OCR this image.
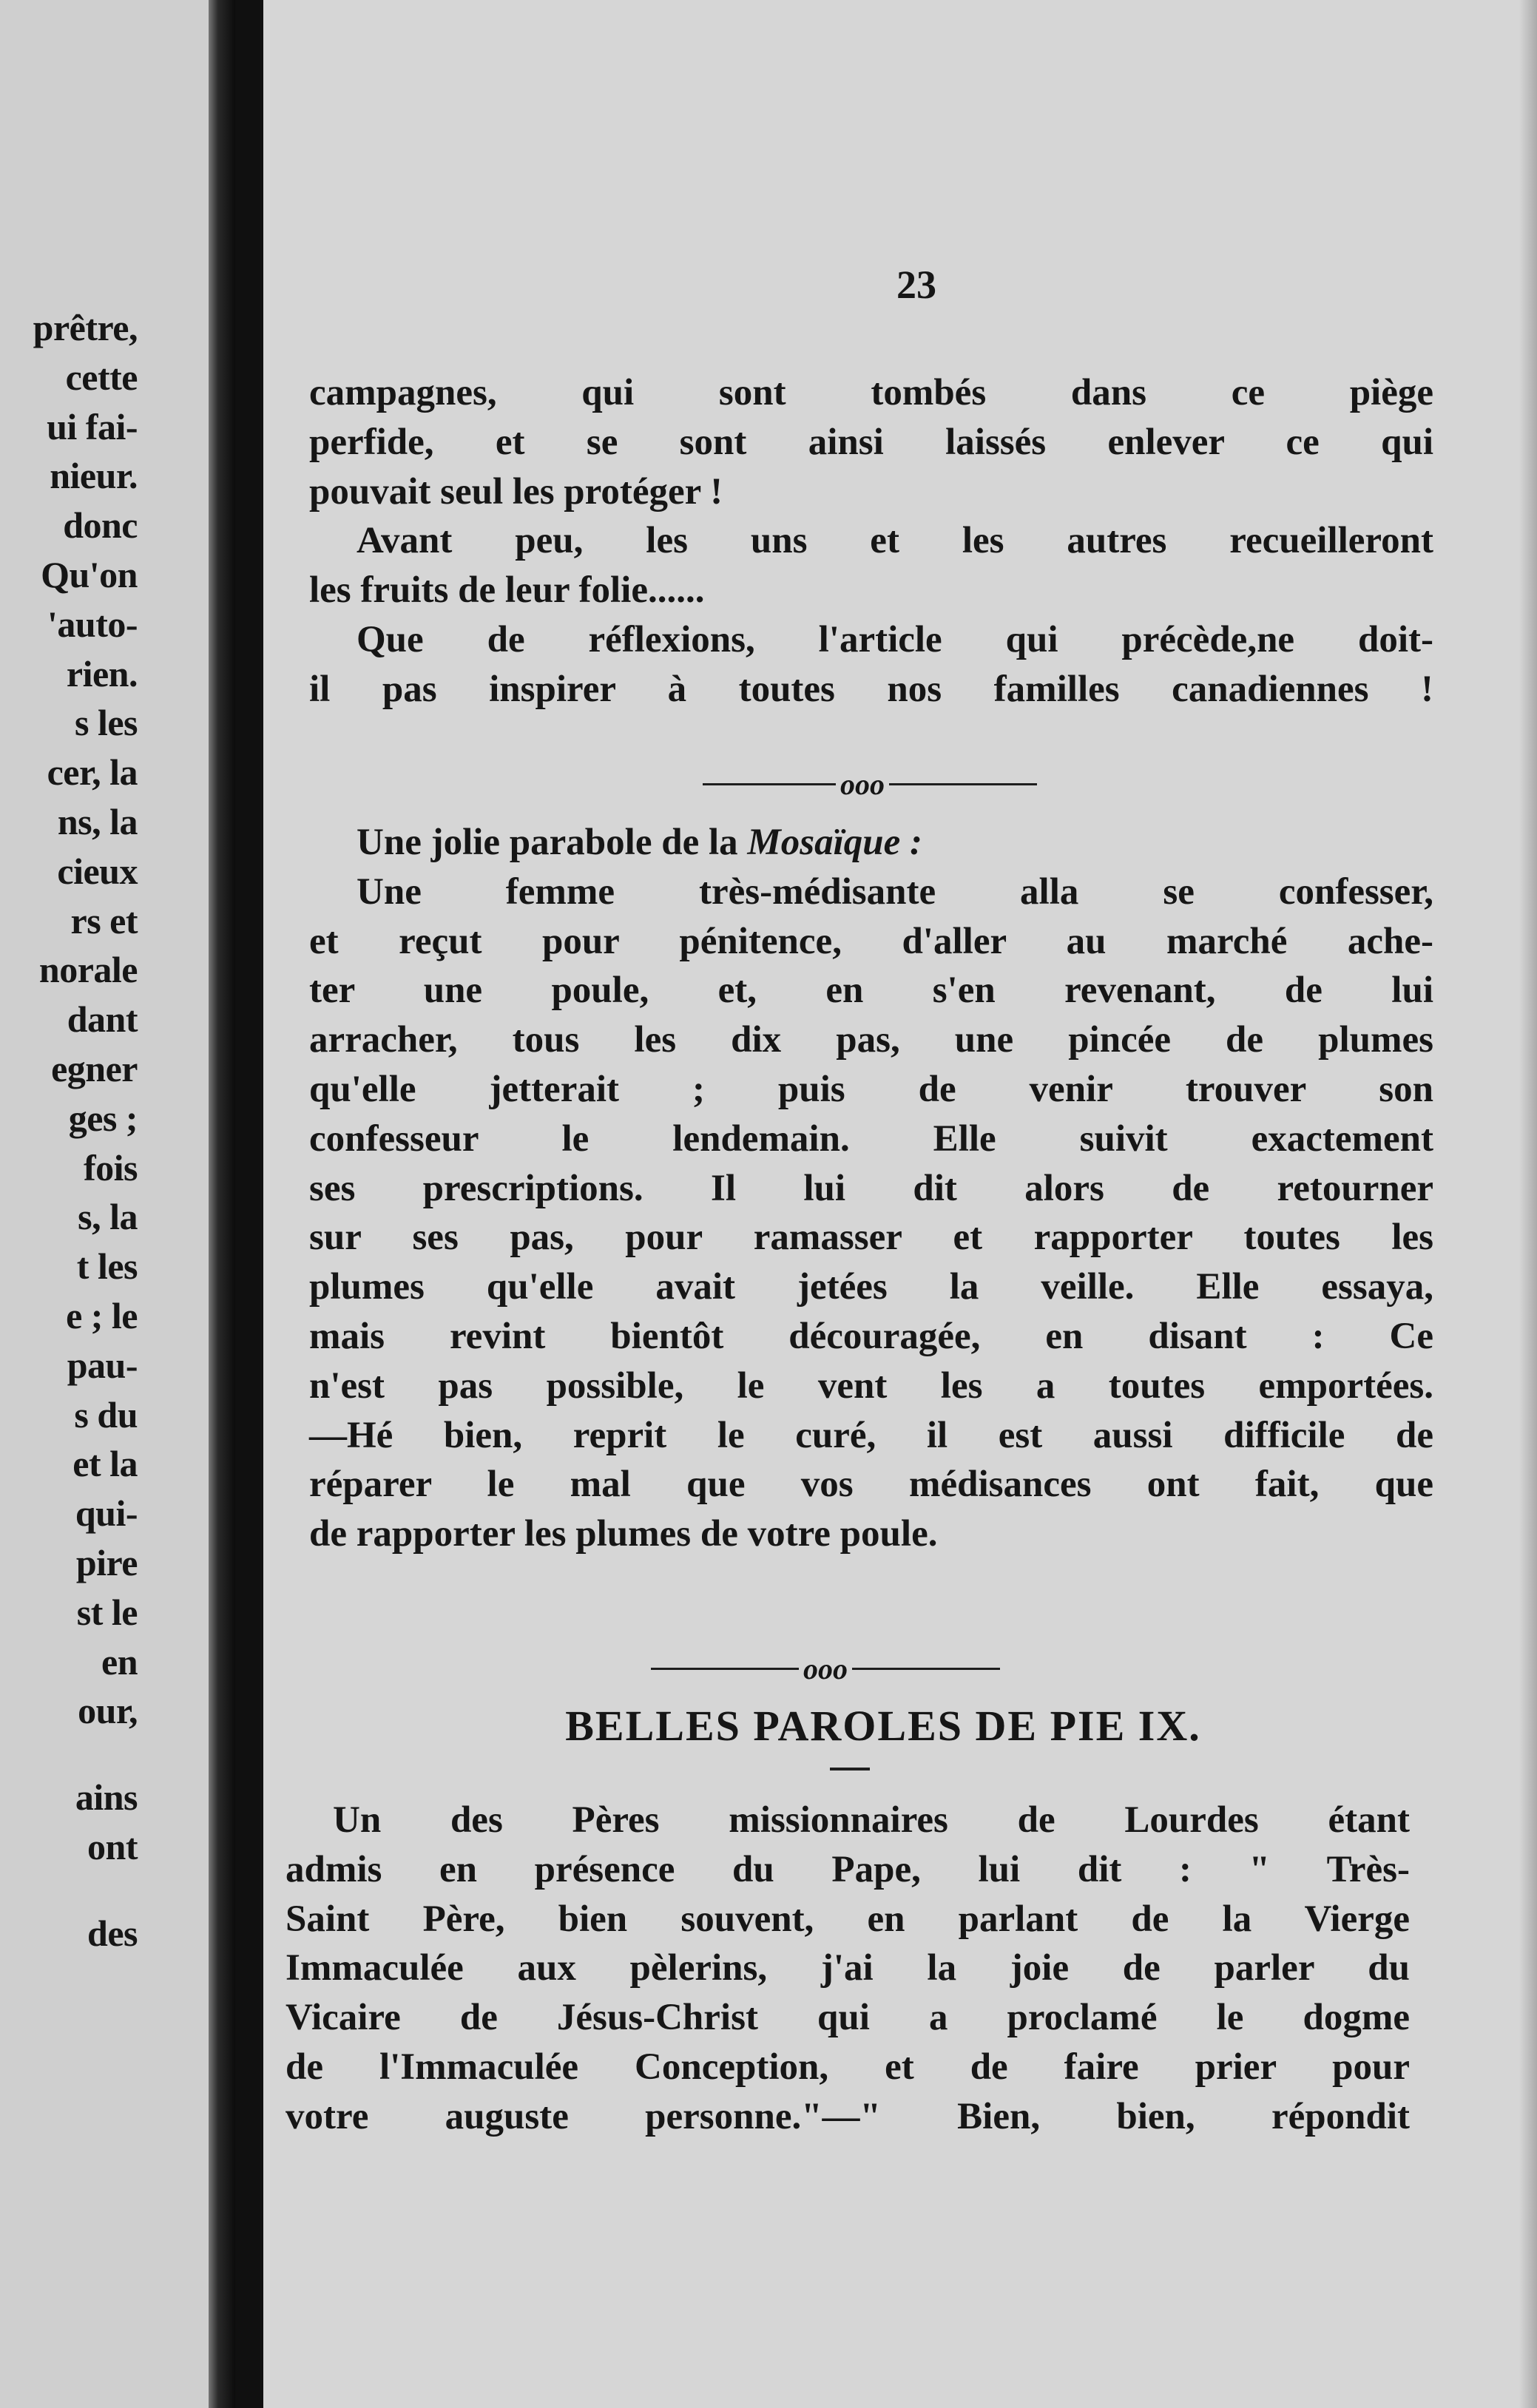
prêtre,
cette
ui fai-
nieur.
donc
Qu'on
'auto-
rien.
s les
cer, la
ns, la
cieux
rs et
norale
dant
egner
ges ;
fois
s, la
t les
e ; le
pau-
s du
et la
qui-
pire
st le
en
our,
ains
ont
des
23
campagnes, qui sont tombés dans ce piège
perfide, et se sont ainsi laissés enlever ce qui
pouvait seul les protéger !
Avant peu, les uns et les autres recueilleront
les fruits de leur folie......
Que de réflexions, l'article qui précède,ne doit-
il pas inspirer à toutes nos familles canadiennes !
ooo
Une jolie parabole de la Mosaïque :
Une femme très-médisante alla se confesser,
et reçut pour pénitence, d'aller au marché ache-
ter une poule, et, en s'en revenant, de lui
arracher, tous les dix pas, une pincée de plumes
qu'elle jetterait ; puis de venir trouver son
confesseur le lendemain. Elle suivit exactement
ses prescriptions. Il lui dit alors de retourner
sur ses pas, pour ramasser et rapporter toutes les
plumes qu'elle avait jetées la veille. Elle essaya,
mais revint bientôt découragée, en disant : Ce
n'est pas possible, le vent les a toutes emportées.
—Hé bien, reprit le curé, il est aussi difficile de
réparer le mal que vos médisances ont fait, que
de rapporter les plumes de votre poule.
ooo
BELLES PAROLES DE PIE IX.
Un des Pères missionnaires de Lourdes étant
admis en présence du Pape, lui dit : " Très-
Saint Père, bien souvent, en parlant de la Vierge
Immaculée aux pèlerins, j'ai la joie de parler du
Vicaire de Jésus-Christ qui a proclamé le dogme
de l'Immaculée Conception, et de faire prier pour
votre auguste personne."—" Bien, bien, répondit
